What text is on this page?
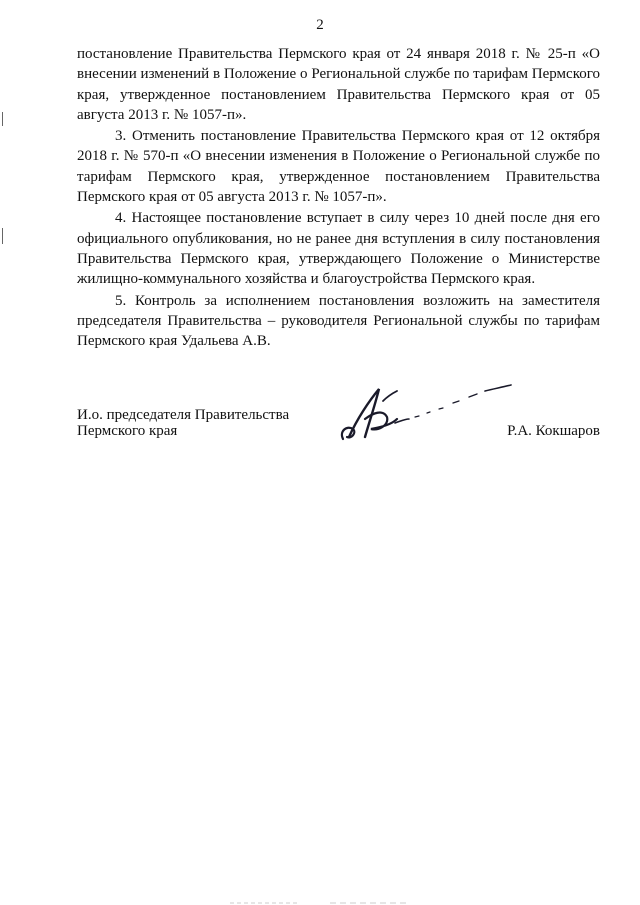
2

постановление Правительства Пермского края от 24 января 2018 г. № 25-п «О внесении изменений в Положение о Региональной службе по тарифам Пермского края, утвержденное постановлением Правительства Пермского края от 05 августа 2013 г. № 1057-п».

3. Отменить постановление Правительства Пермского края от 12 октября 2018 г. № 570-п «О внесении изменения в Положение о Региональной службе по тарифам Пермского края, утвержденное постановлением Правительства Пермского края от 05 августа 2013 г. № 1057-п».

4. Настоящее постановление вступает в силу через 10 дней после дня его официального опубликования, но не ранее дня вступления в силу постановления Правительства Пермского края, утверждающего Положение о Министерстве жилищно-коммунального хозяйства и благоустройства Пермского края.

5. Контроль за исполнением постановления возложить на заместителя председателя Правительства – руководителя Региональной службы по тарифам Пермского края Удальева А.В.

И.о. председателя Правительства
Пермского края	Р.А. Кокшаров
